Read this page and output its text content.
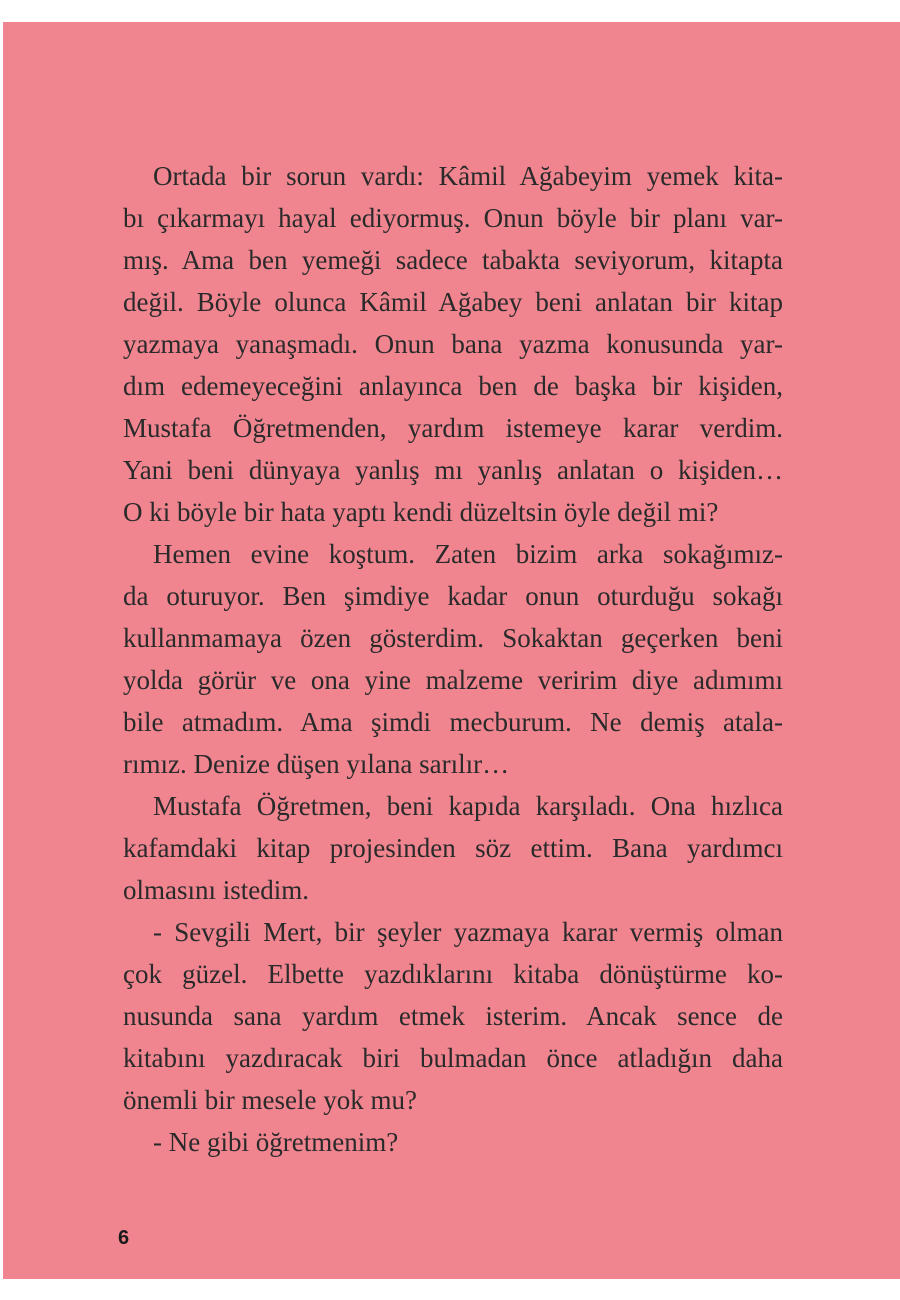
Ortada bir sorun vardı: Kâmil Ağabeyim yemek kita-
bı çıkarmayı hayal ediyormuş. Onun böyle bir planı var-
mış. Ama ben yemeği sadece tabakta seviyorum, kitapta
değil. Böyle olunca Kâmil Ağabey beni anlatan bir kitap
yazmaya yanaşmadı. Onun bana yazma konusunda yar-
dım edemeyeceğini anlayınca ben de başka bir kişiden,
Mustafa Öğretmenden, yardım istemeye karar verdim.
Yani beni dünyaya yanlış mı yanlış anlatan o kişiden…
O ki böyle bir hata yaptı kendi düzeltsin öyle değil mi?
Hemen evine koştum. Zaten bizim arka sokağımız-
da oturuyor. Ben şimdiye kadar onun oturduğu sokağı
kullanmamaya özen gösterdim. Sokaktan geçerken beni
yolda görür ve ona yine malzeme veririm diye adımımı
bile atmadım. Ama şimdi mecburum. Ne demiş atala-
rımız. Denize düşen yılana sarılır…
Mustafa Öğretmen, beni kapıda karşıladı. Ona hızlıca
kafamdaki kitap projesinden söz ettim. Bana yardımcı
olmasını istedim.
- Sevgili Mert, bir şeyler yazmaya karar vermiş olman
çok güzel. Elbette yazdıklarını kitaba dönüştürme ko-
nusunda sana yardım etmek isterim. Ancak sence de
kitabını yazdıracak biri bulmadan önce atladığın daha
önemli bir mesele yok mu?
- Ne gibi öğretmenim?
6
